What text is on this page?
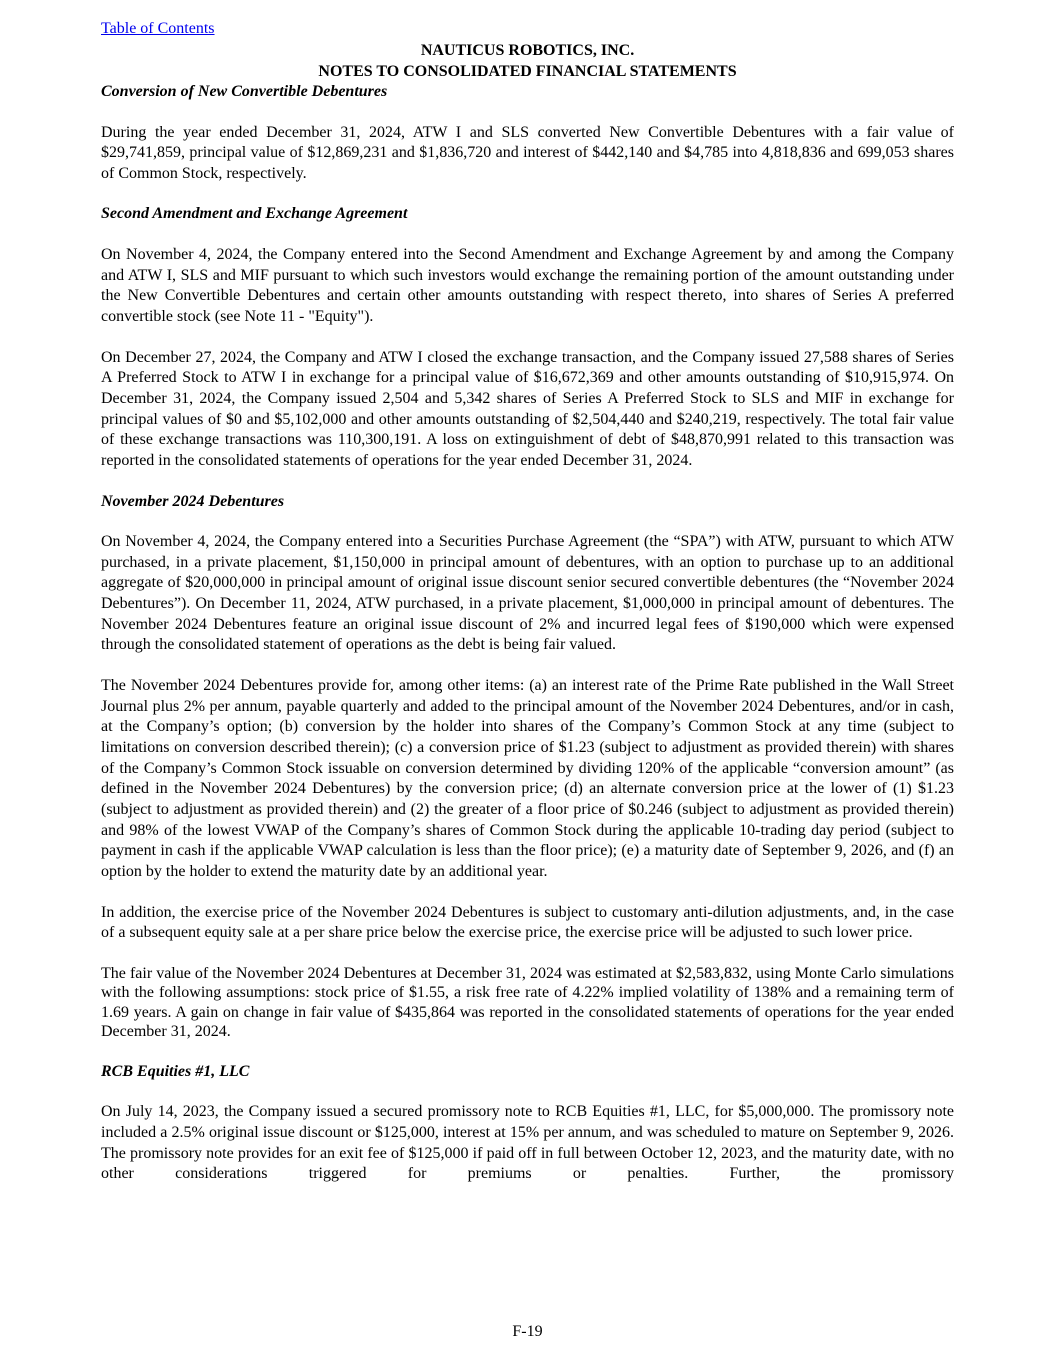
Table of Contents
NAUTICUS ROBOTICS, INC.
NOTES TO CONSOLIDATED FINANCIAL STATEMENTS
Conversion of New Convertible Debentures

During the year ended December 31, 2024, ATW I and SLS converted New Convertible Debentures with a fair value of $29,741,859, principal value of $12,869,231 and $1,836,720 and interest of $442,140 and $4,785 into 4,818,836 and 699,053 shares of Common Stock, respectively.

Second Amendment and Exchange Agreement

On November 4, 2024, the Company entered into the Second Amendment and Exchange Agreement by and among the Company and ATW I, SLS and MIF pursuant to which such investors would exchange the remaining portion of the amount outstanding under the New Convertible Debentures and certain other amounts outstanding with respect thereto, into shares of Series A preferred convertible stock (see Note 11 - "Equity").

On December 27, 2024, the Company and ATW I closed the exchange transaction, and the Company issued 27,588 shares of Series A Preferred Stock to ATW I in exchange for a principal value of $16,672,369 and other amounts outstanding of $10,915,974. On December 31, 2024, the Company issued 2,504 and 5,342 shares of Series A Preferred Stock to SLS and MIF in exchange for principal values of $0 and $5,102,000 and other amounts outstanding of $2,504,440 and $240,219, respectively. The total fair value of these exchange transactions was 110,300,191. A loss on extinguishment of debt of $48,870,991 related to this transaction was reported in the consolidated statements of operations for the year ended December 31, 2024.

November 2024 Debentures

On November 4, 2024, the Company entered into a Securities Purchase Agreement (the “SPA”) with ATW, pursuant to which ATW purchased, in a private placement, $1,150,000 in principal amount of debentures, with an option to purchase up to an additional aggregate of $20,000,000 in principal amount of original issue discount senior secured convertible debentures (the “November 2024 Debentures”). On December 11, 2024, ATW purchased, in a private placement, $1,000,000 in principal amount of debentures. The November 2024 Debentures feature an original issue discount of 2% and incurred legal fees of $190,000 which were expensed through the consolidated statement of operations as the debt is being fair valued.

The November 2024 Debentures provide for, among other items: (a) an interest rate of the Prime Rate published in the Wall Street Journal plus 2% per annum, payable quarterly and added to the principal amount of the November 2024 Debentures, and/or in cash, at the Company’s option; (b) conversion by the holder into shares of the Company’s Common Stock at any time (subject to limitations on conversion described therein); (c) a conversion price of $1.23 (subject to adjustment as provided therein) with shares of the Company’s Common Stock issuable on conversion determined by dividing 120% of the applicable “conversion amount” (as defined in the November 2024 Debentures) by the conversion price; (d) an alternate conversion price at the lower of (1) $1.23 (subject to adjustment as provided therein) and (2) the greater of a floor price of $0.246 (subject to adjustment as provided therein) and 98% of the lowest VWAP of the Company’s shares of Common Stock during the applicable 10-trading day period (subject to payment in cash if the applicable VWAP calculation is less than the floor price); (e) a maturity date of September 9, 2026, and (f) an option by the holder to extend the maturity date by an additional year.

In addition, the exercise price of the November 2024 Debentures is subject to customary anti-dilution adjustments, and, in the case of a subsequent equity sale at a per share price below the exercise price, the exercise price will be adjusted to such lower price.

The fair value of the November 2024 Debentures at December 31, 2024 was estimated at $2,583,832, using Monte Carlo simulations with the following assumptions: stock price of $1.55, a risk free rate of 4.22% implied volatility of 138% and a remaining term of 1.69 years. A gain on change in fair value of $435,864 was reported in the consolidated statements of operations for the year ended December 31, 2024.

RCB Equities #1, LLC

On July 14, 2023, the Company issued a secured promissory note to RCB Equities #1, LLC, for $5,000,000. The promissory note included a 2.5% original issue discount or $125,000, interest at 15% per annum, and was scheduled to mature on September 9, 2026. The promissory note provides for an exit fee of $125,000 if paid off in full between October 12, 2023, and the maturity date, with no other considerations triggered for premiums or penalties. Further, the promissory

F-19
